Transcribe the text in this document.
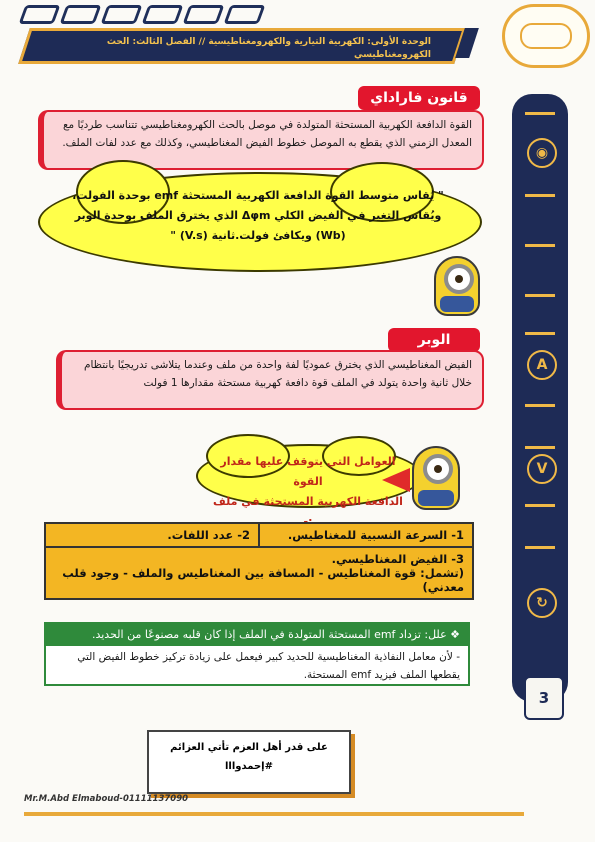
الوحدة الأولى: الكهربية التيارية والكهرومغناطيسية // الفصل الثالث: الحث الكهرومغناطيسي
◉
A
V
↻
3
قانون فاراداي
القوة الدافعة الكهربية المستحثة المتولدة في موصل بالحث الكهرومغناطيسي تتناسب طرديًا مع المعدل الزمني الذي يقطع به الموصل خطوط الفيض المغناطيسي، وكذلك مع عدد لفات الملف.
" يُقاس متوسط القوة الدافعة الكهربية المستحثة emf بوحدة الفولت،
ويُقاس التغير في الفيض الكلي Δφm الذي يخترق الملف بوحدة الوبر
(Wb) ويكافئ فولت.ثانية (V.s) "
الوبر
الفيض المغناطيسي الذي يخترق عموديًا لفة واحدة من ملف وعندما يتلاشى تدريجيًا بانتظام خلال ثانية واحدة يتولد في الملف قوة دافعة كهربية مستحثة مقدارها 1 فولت
العوامل التي يتوقف عليها مقدار القوة
الدافعة الكهربية المستحثة في ملف
1- السرعة النسبية للمغناطيس.
2- عدد اللفات.
3- الفيض المغناطيسي.
(تشمل: قوة المغناطيس - المسافة بين المغناطيس والملف - وجود قلب معدني)
❖ علل: تزداد emf المستحثة المتولدة في الملف إذا كان قلبه مصنوعًا من الحديد.
- لأن معامل النفاذية المغناطيسية للحديد كبير فيعمل على زيادة تركيز خطوط الفيض التي يقطعها الملف فيزيد emf المستحثة.
على قدر أهل العزم تأتي العزائم
#إحمدوااا
Mr.M.Abd Elmaboud-01111137090
